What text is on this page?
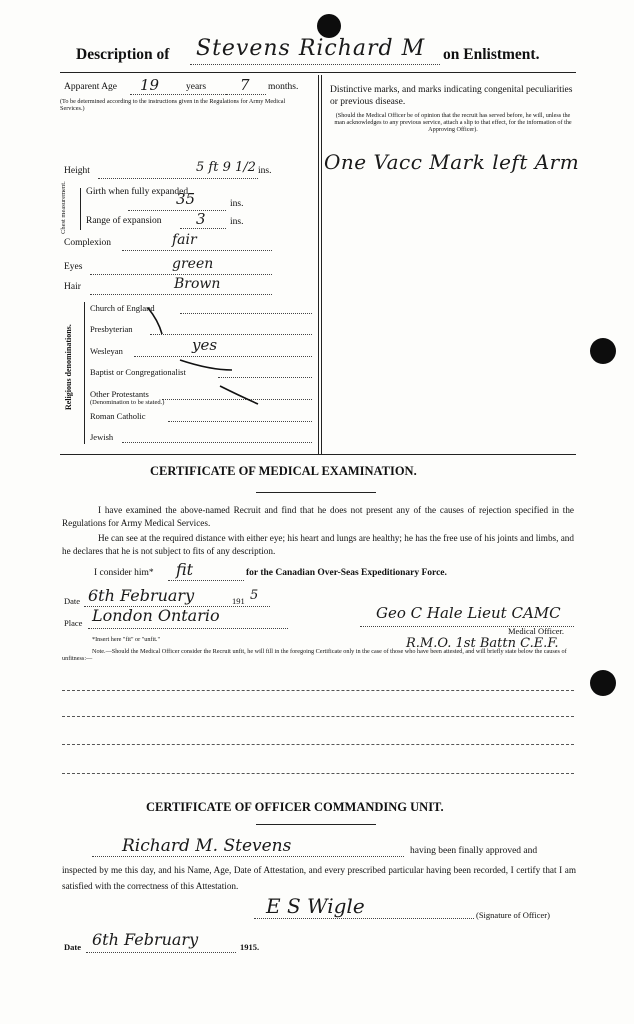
Description of Stevens Richard M on Enlistment.
Apparent Age 19	years 7 months.
(To be determined according to the instructions given in the Regulations for Army Medical Services.)
Height	5 ft 9 1/2 ins.
Chest measurement. Girth when fully expanded
35	ins.
Range of expansion 3	ins.
Complexion	fair
Eyes	green
Hair	Brown
Religious denominations.
Church of England
Presbyterian
Wesleyan	yes
Baptist or Congregationalist
Other Protestants
(Denomination to be stated.)
Roman Catholic
Jewish
Distinctive marks, and marks indicating congenital peculiarities or previous disease.
(Should the Medical Officer be of opinion that the recruit has served before, he will, unless the man acknowledges to any previous service, attach a slip to that effect, for the information of the Approving Officer).
One Vacc Mark left Arm
CERTIFICATE OF MEDICAL EXAMINATION.

I have examined the above-named Recruit and find that he does not present any of the causes of rejection specified in the Regulations for Army Medical Services.

He can see at the required distance with either eye; his heart and lungs are healthy; he has the free use of his joints and limbs, and he declares that he is not subject to fits of any description.

I consider him* fit	for the Canadian Over-Seas Expeditionary Force.
Date 6th February	191 5
Place London Ontario	Geo C Hale Lieut CAMC
Medical Officer.
R.M.O. 1st Battn C.E.F.
*Insert here "fit" or "unfit."
Note.—Should the Medical Officer consider the Recruit unfit, he will fill in the foregoing Certificate only in the case of those who have been attested, and will briefly state below the causes of unfitness:—
CERTIFICATE OF OFFICER COMMANDING UNIT.
Richard M. Stevens	having been finally approved and

inspected by me this day, and his Name, Age, Date of Attestation, and every prescribed particular having been recorded, I certify that I am satisfied with the correctness of this Attestation.

E S Wigle	(Signature of Officer)
Date 6th February	1915.
